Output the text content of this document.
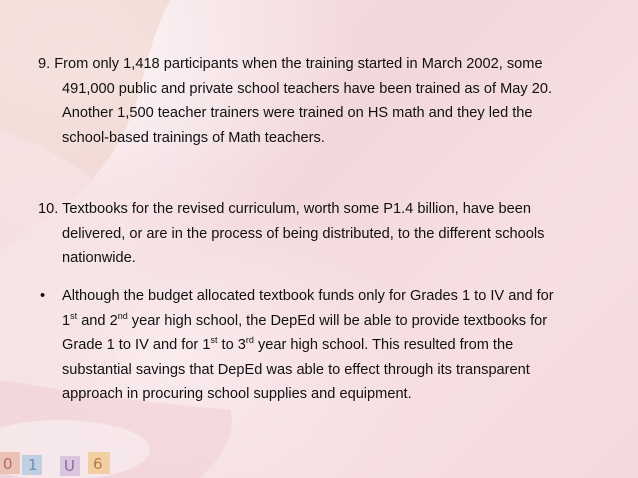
0 1 U 6
9. From only 1,418 participants when the training started in March 2002, some
491,000 public and private school teachers have been trained as of May 20.
Another 1,500 teacher trainers were trained on HS math and they led the
school-based trainings of Math teachers.
10. Textbooks for the revised curriculum, worth some P1.4 billion, have been
delivered, or are in the process of being distributed, to the different schools
nationwide.
•	Although the budget allocated textbook funds only for Grades 1 to IV and for
1st and 2nd year high school, the DepEd will be able to provide textbooks for
Grade 1 to IV and for 1st to 3rd year high school. This resulted from the
substantial savings that DepEd was able to effect through its transparent
approach in procuring school supplies and equipment.
